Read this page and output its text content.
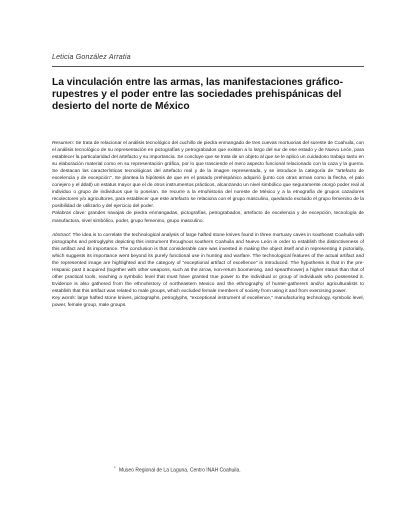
Leticia González Arratia
La vinculación entre las armas, las manifestaciones gráfico-rupestres y el poder entre las sociedades prehispánicas del desierto del norte de México

Resumen: Se trata de relacionar el análisis tecnológico del cuchillo de piedra enmangado de tres cuevas mortuorias del sureste de Coahuila, con el análisis tecnológico de su representación en pictografías y petrograbados que existen a lo largo del sur de ese estado y de Nuevo León, para establecer la particularidad del artefacto y su importancia. Se concluye que se trata de un objeto al que se le aplicó un cuidadoso trabajo tanto en su elaboración material como en su representación gráfica, por lo que trasciende el mero aspecto funcional relacionado con la caza y la guerra. Se destacan las características tecnológicas del artefacto real y de la imagen representada, y se introduce la categoría de "artefacto de excelencia y de excepción". Se plantea la hipótesis de que en el pasado prehispánico adquirió (junto con otras armas como la flecha, el palo conejero y el átlatl) un estatus mayor que el de otros instrumentos prácticos, alcanzando un nivel simbólico que seguramente otorgó poder real al individuo o grupo de individuos que lo poseían. Se recurre a la etnohistoria del noreste de México y a la etnografía de grupos cazadores recolectores y/o agricultores, para establecer que este artefacto se relaciona con el grupo masculino, quedando excluido el grupo femenino de la posibilidad de utilizarlo y del ejercicio del poder.

Palabras clave: grandes navajas de piedra enmangadas, pictografías, petrograbados, artefacto de excelencia y de excepción, tecnología de manufactura, nivel simbólico, poder, grupo femenino, grupo masculino.

Abstract: The idea is to correlate the technological analysis of large hafted stone knives found in three mortuary caves in southeast Coahuila with pictographs and petroglyphs depicting this instrument throughout southern Coahuila and Nuevo León in order to establish the distinctiveness of this artifact and its importance. The conclusion is that considerable care was invested in making the object itself and in representing it pictorially, which suggests its importance went beyond its purely functional use in hunting and warfare. The technological features of the actual artifact and the represented image are highlighted and the category of "exceptional artifact of excellence" is introduced. The hypothesis is that in the pre-Hispanic past it acquired (together with other weapons, such as the arrow, non-return boomerang, and spearthrower) a higher status than that of other practical tools, reaching a symbolic level that must have granted true power to the individual or group of individuals who possessed it. Evidence is also gathered from the ethnohistory of northeastern Mexico and the ethnography of hunter-gatherers and/or agriculturalists to establish that this artifact was related to male groups, which excluded female members of society from using it and from exercising power.

Key words: large hafted stone knives, pictographs, petroglyphs, "exceptional instrument of excellence," manufacturing technology, symbolic level, power, female group, male groups.

* Museo Regional de La Laguna, Centro INAH Coahuila.
